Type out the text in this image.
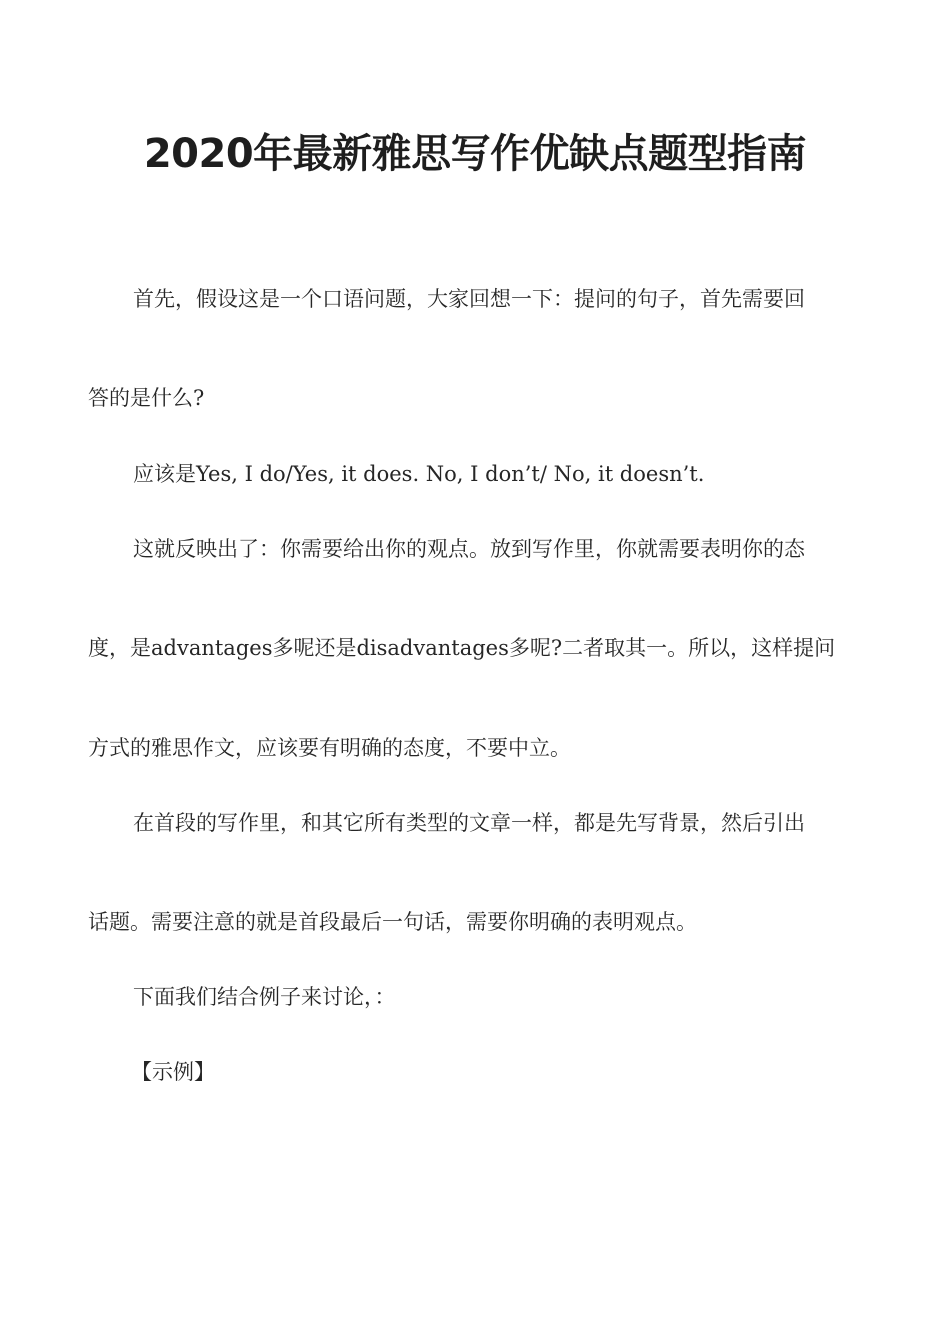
2020年最新雅思写作优缺点题型指南
首先，假设这是一个口语问题，大家回想一下：提问的句子，首先需要回
答的是什么?
应该是Yes, I do/Yes, it does. No, I don’t/ No, it doesn’t.
这就反映出了：你需要给出你的观点。放到写作里，你就需要表明你的态
度，是advantages多呢还是disadvantages多呢?二者取其一。所以，这样提问
方式的雅思作文，应该要有明确的态度，不要中立。
在首段的写作里，和其它所有类型的文章一样，都是先写背景，然后引出
话题。需要注意的就是首段最后一句话，需要你明确的表明观点。
下面我们结合例子来讨论，：
【示例】
